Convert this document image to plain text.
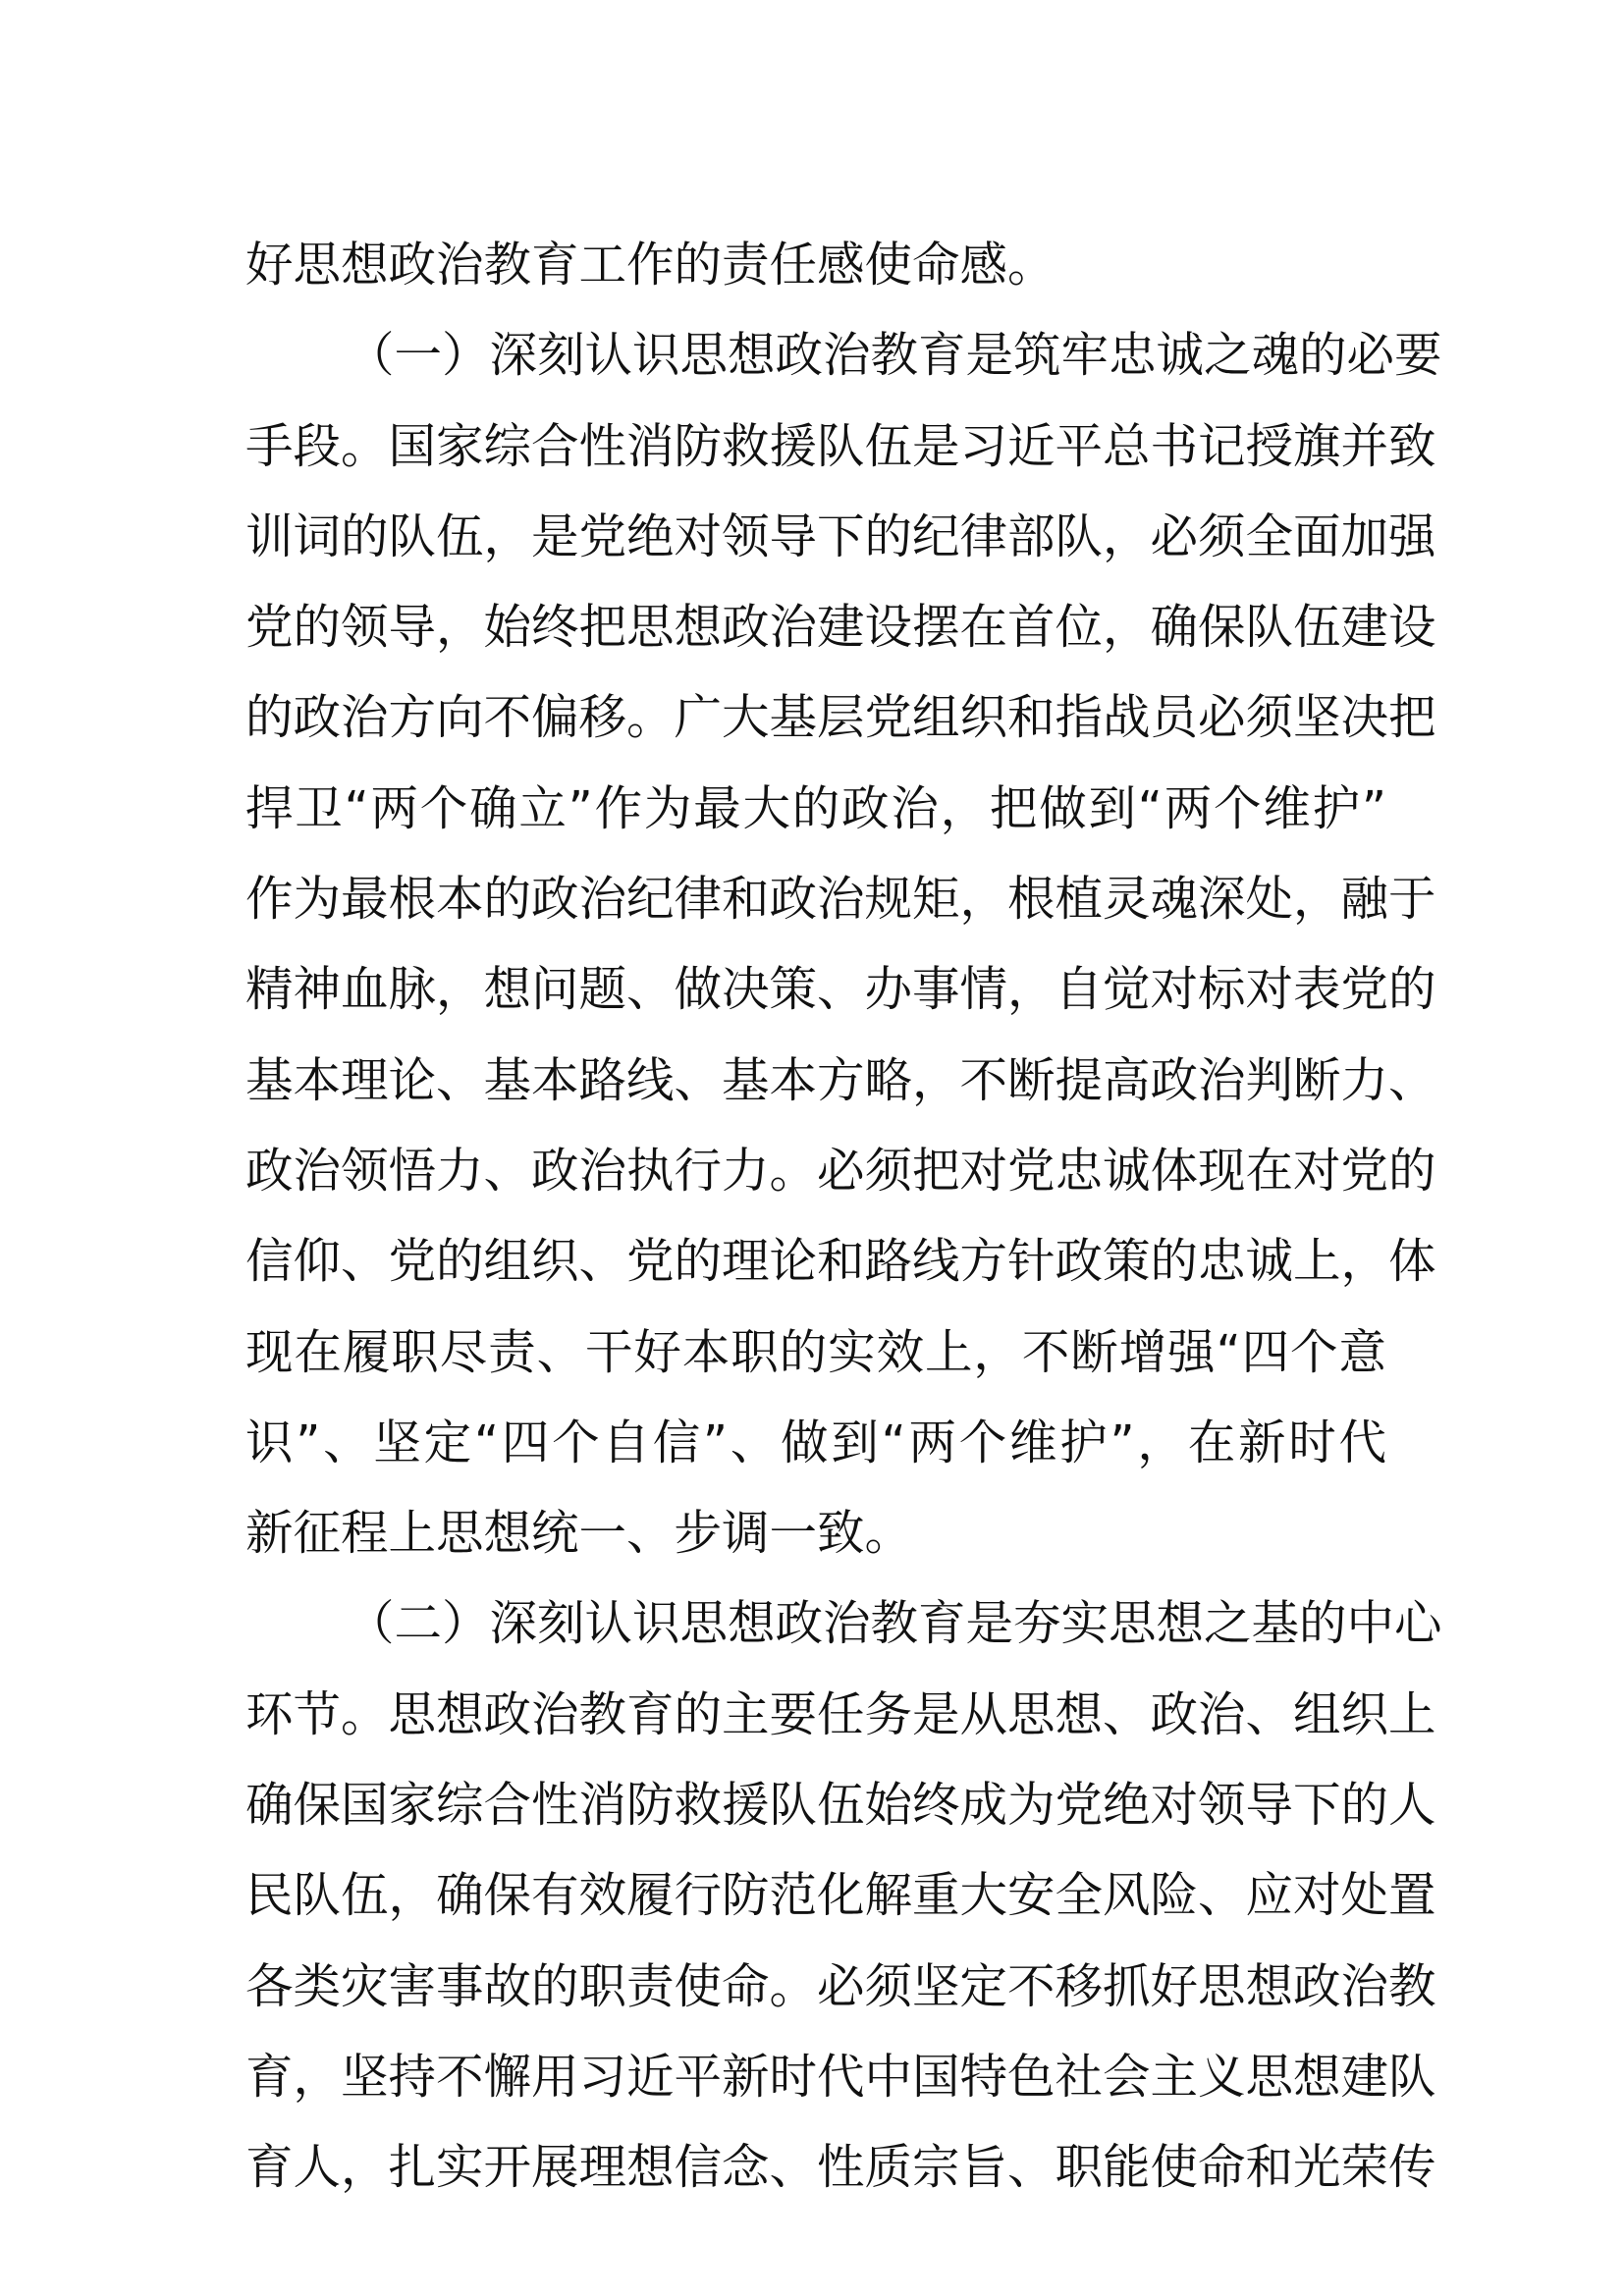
好思想政治教育工作的责任感使命感。
（一）深刻认识思想政治教育是筑牢忠诚之魂的必要
手段。国家综合性消防救援队伍是习近平总书记授旗并致
训词的队伍，是党绝对领导下的纪律部队，必须全面加强
党的领导，始终把思想政治建设摆在首位，确保队伍建设
的政治方向不偏移。广大基层党组织和指战员必须坚决把
捍卫“两个确立”作为最大的政治，把做到“两个维护”
作为最根本的政治纪律和政治规矩，根植灵魂深处，融于
精神血脉，想问题、做决策、办事情，自觉对标对表党的
基本理论、基本路线、基本方略，不断提高政治判断力、
政治领悟力、政治执行力。必须把对党忠诚体现在对党的
信仰、党的组织、党的理论和路线方针政策的忠诚上，体
现在履职尽责、干好本职的实效上，不断增强“四个意
识”、坚定“四个自信”、做到“两个维护”，在新时代
新征程上思想统一、步调一致。
（二）深刻认识思想政治教育是夯实思想之基的中心
环节。思想政治教育的主要任务是从思想、政治、组织上
确保国家综合性消防救援队伍始终成为党绝对领导下的人
民队伍，确保有效履行防范化解重大安全风险、应对处置
各类灾害事故的职责使命。必须坚定不移抓好思想政治教
育，坚持不懈用习近平新时代中国特色社会主义思想建队
育人，扎实开展理想信念、性质宗旨、职能使命和光荣传
